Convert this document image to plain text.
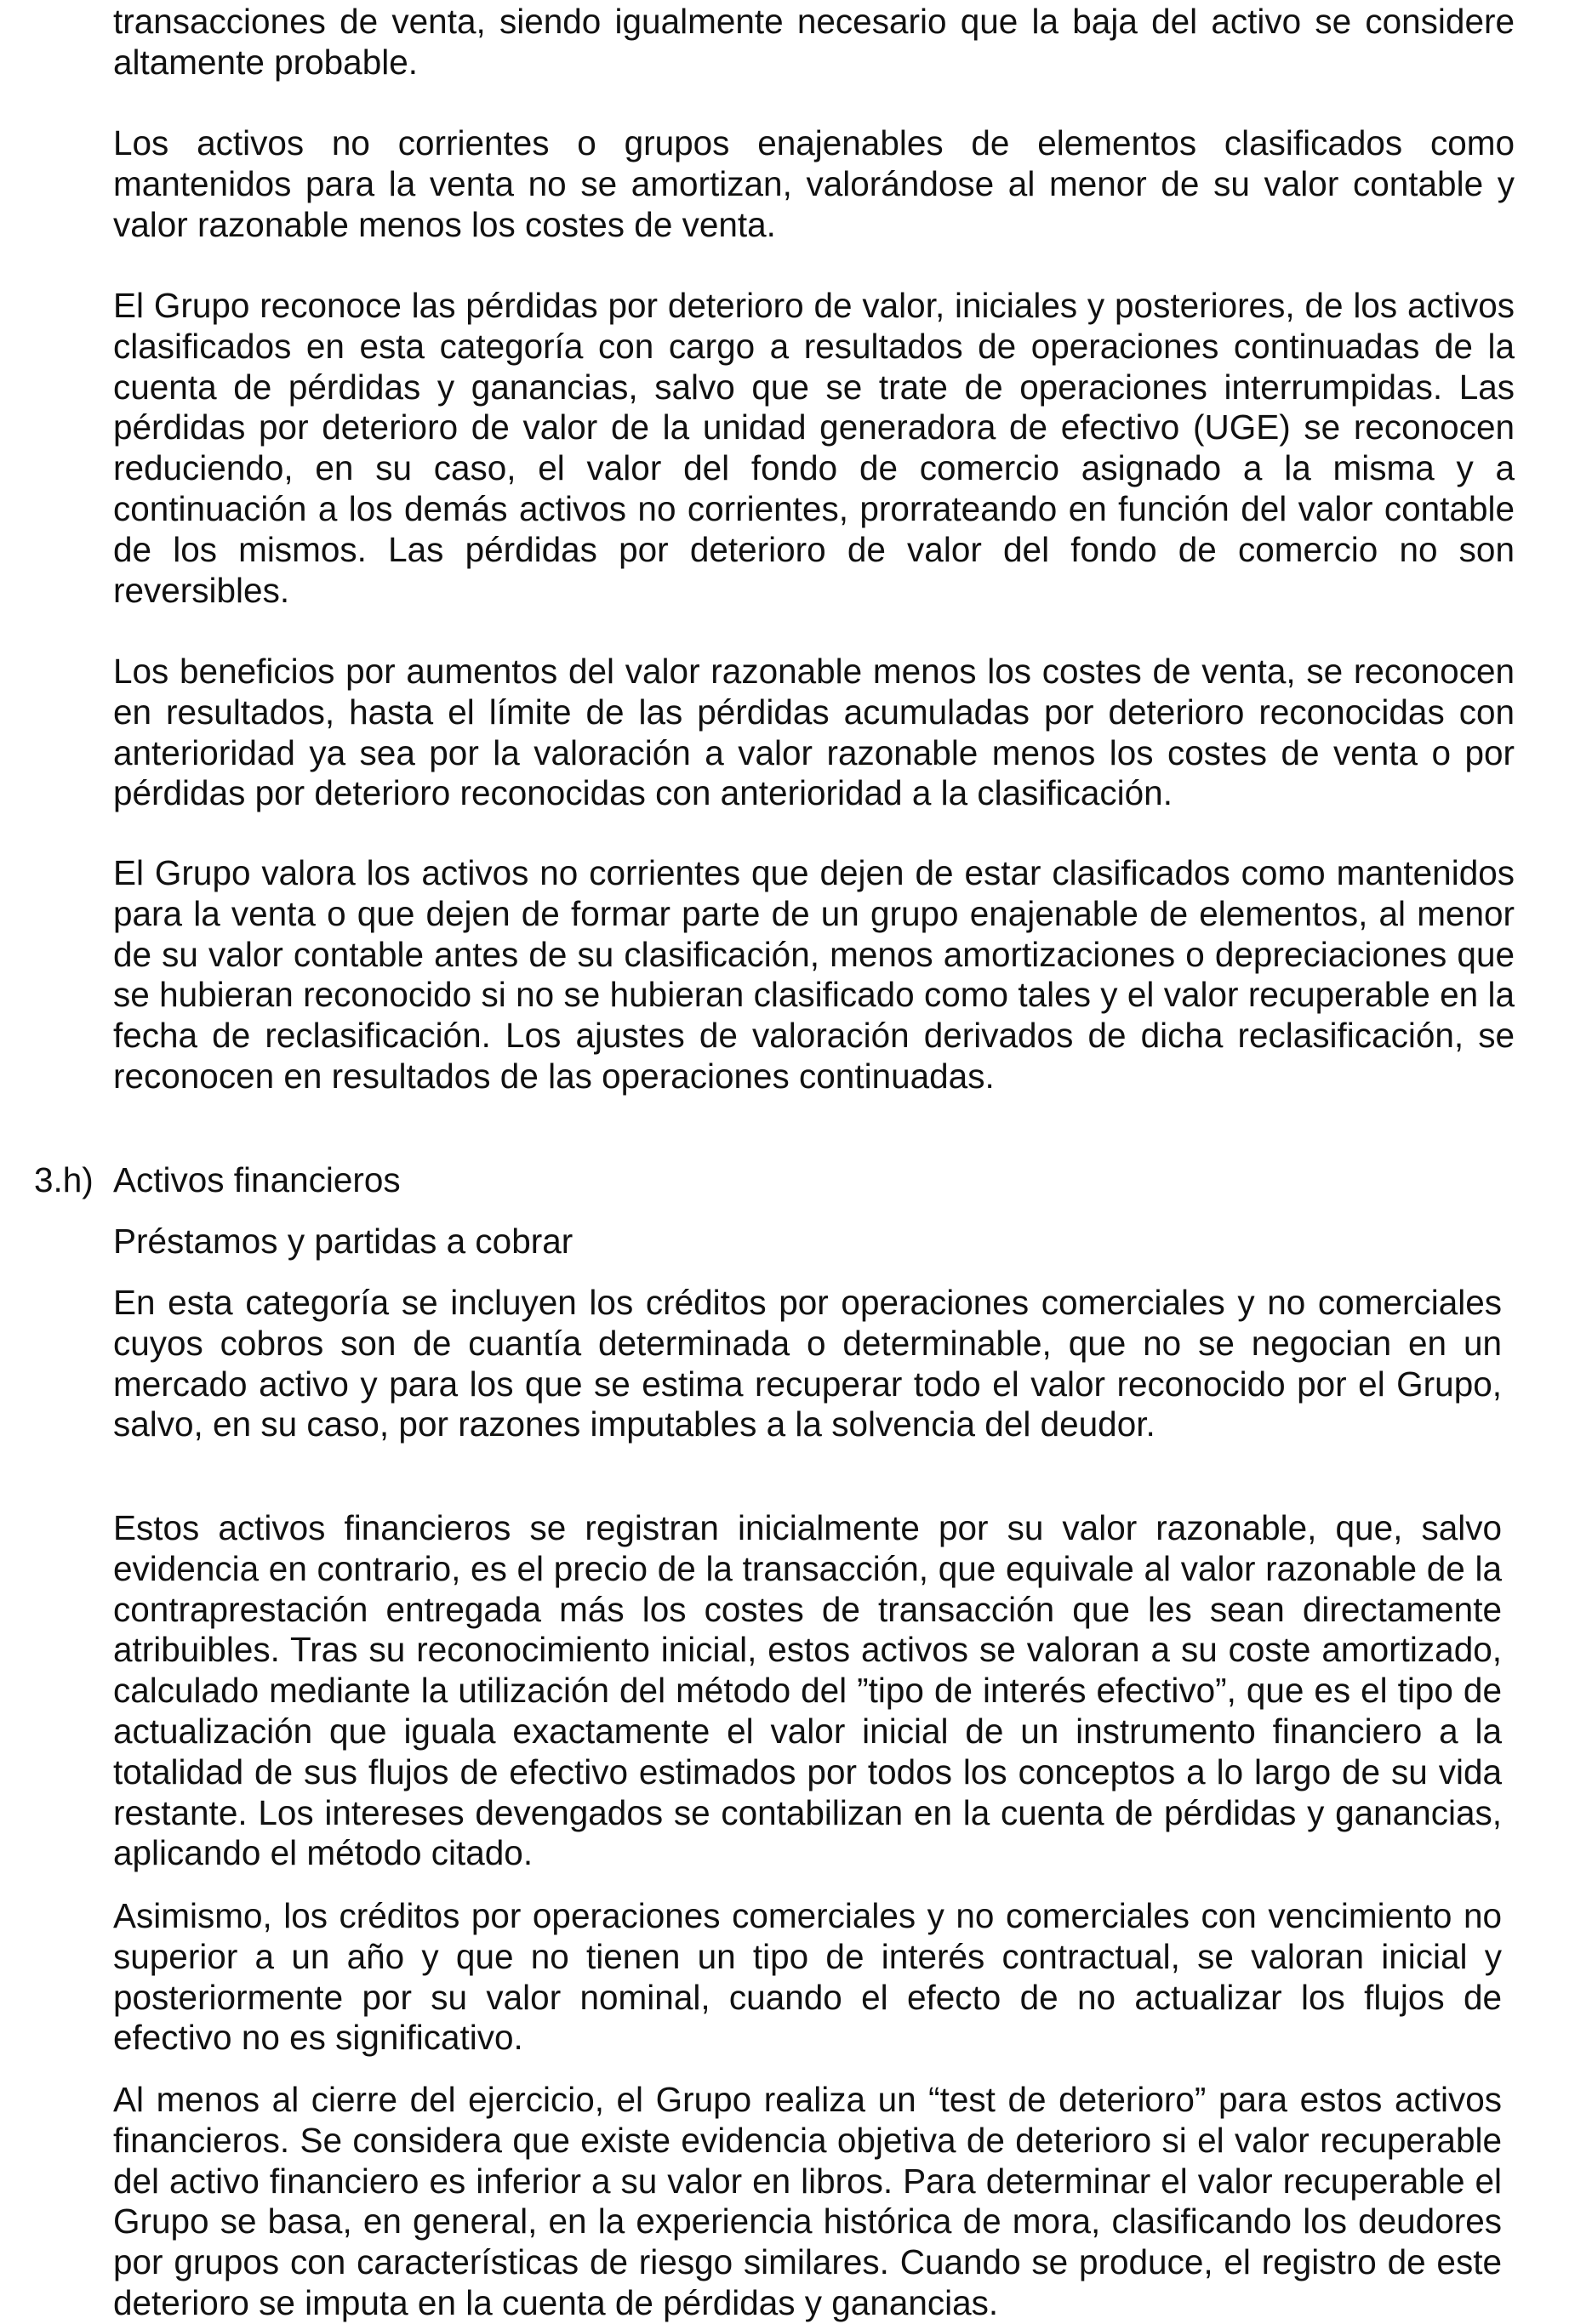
transacciones de venta, siendo igualmente necesario que la baja del activo se considere altamente probable.

Los activos no corrientes o grupos enajenables de elementos clasificados como mantenidos para la venta no se amortizan, valorándose al menor de su valor contable y valor razonable menos los costes de venta.

El Grupo reconoce las pérdidas por deterioro de valor, iniciales y posteriores, de los activos clasificados en esta categoría con cargo a resultados de operaciones continuadas de la cuenta de pérdidas y ganancias, salvo que se trate de operaciones interrumpidas. Las pérdidas por deterioro de valor de la unidad generadora de efectivo (UGE) se reconocen reduciendo, en su caso, el valor del fondo de comercio asignado a la misma y a continuación a los demás activos no corrientes, prorrateando en función del valor contable de los mismos. Las pérdidas por deterioro de valor del fondo de comercio no son reversibles.

Los beneficios por aumentos del valor razonable menos los costes de venta, se reconocen en resultados, hasta el límite de las pérdidas acumuladas por deterioro reconocidas con anterioridad ya sea por la valoración a valor razonable menos los costes de venta o por pérdidas por deterioro reconocidas con anterioridad a la clasificación.

El Grupo valora los activos no corrientes que dejen de estar clasificados como mantenidos para la venta o que dejen de formar parte de un grupo enajenable de elementos, al menor de su valor contable antes de su clasificación, menos amortizaciones o depreciaciones que se hubieran reconocido si no se hubieran clasificado como tales y el valor recuperable en la fecha de reclasificación. Los ajustes de valoración derivados de dicha reclasificación, se reconocen en resultados de las operaciones continuadas.

3.h) Activos financieros
Préstamos y partidas a cobrar

En esta categoría se incluyen los créditos por operaciones comerciales y no comerciales cuyos cobros son de cuantía determinada o determinable, que no se negocian en un mercado activo y para los que se estima recuperar todo el valor reconocido por el Grupo, salvo, en su caso, por razones imputables a la solvencia del deudor.

Estos activos financieros se registran inicialmente por su valor razonable, que, salvo evidencia en contrario, es el precio de la transacción, que equivale al valor razonable de la contraprestación entregada más los costes de transacción que les sean directamente atribuibles. Tras su reconocimiento inicial, estos activos se valoran a su coste amortizado, calculado mediante la utilización del método del ”tipo de interés efectivo”, que es el tipo de actualización que iguala exactamente el valor inicial de un instrumento financiero a la totalidad de sus flujos de efectivo estimados por todos los conceptos a lo largo de su vida restante. Los intereses devengados se contabilizan en la cuenta de pérdidas y ganancias, aplicando el método citado.

Asimismo, los créditos por operaciones comerciales y no comerciales con vencimiento no superior a un año y que no tienen un tipo de interés contractual, se valoran inicial y posteriormente por su valor nominal, cuando el efecto de no actualizar los flujos de efectivo no es significativo.

Al menos al cierre del ejercicio, el Grupo realiza un “test de deterioro” para estos activos financieros. Se considera que existe evidencia objetiva de deterioro si el valor recuperable del activo financiero es inferior a su valor en libros. Para determinar el valor recuperable el Grupo se basa, en general, en la experiencia histórica de mora, clasificando los deudores por grupos con características de riesgo similares. Cuando se produce, el registro de este deterioro se imputa en la cuenta de pérdidas y ganancias.
